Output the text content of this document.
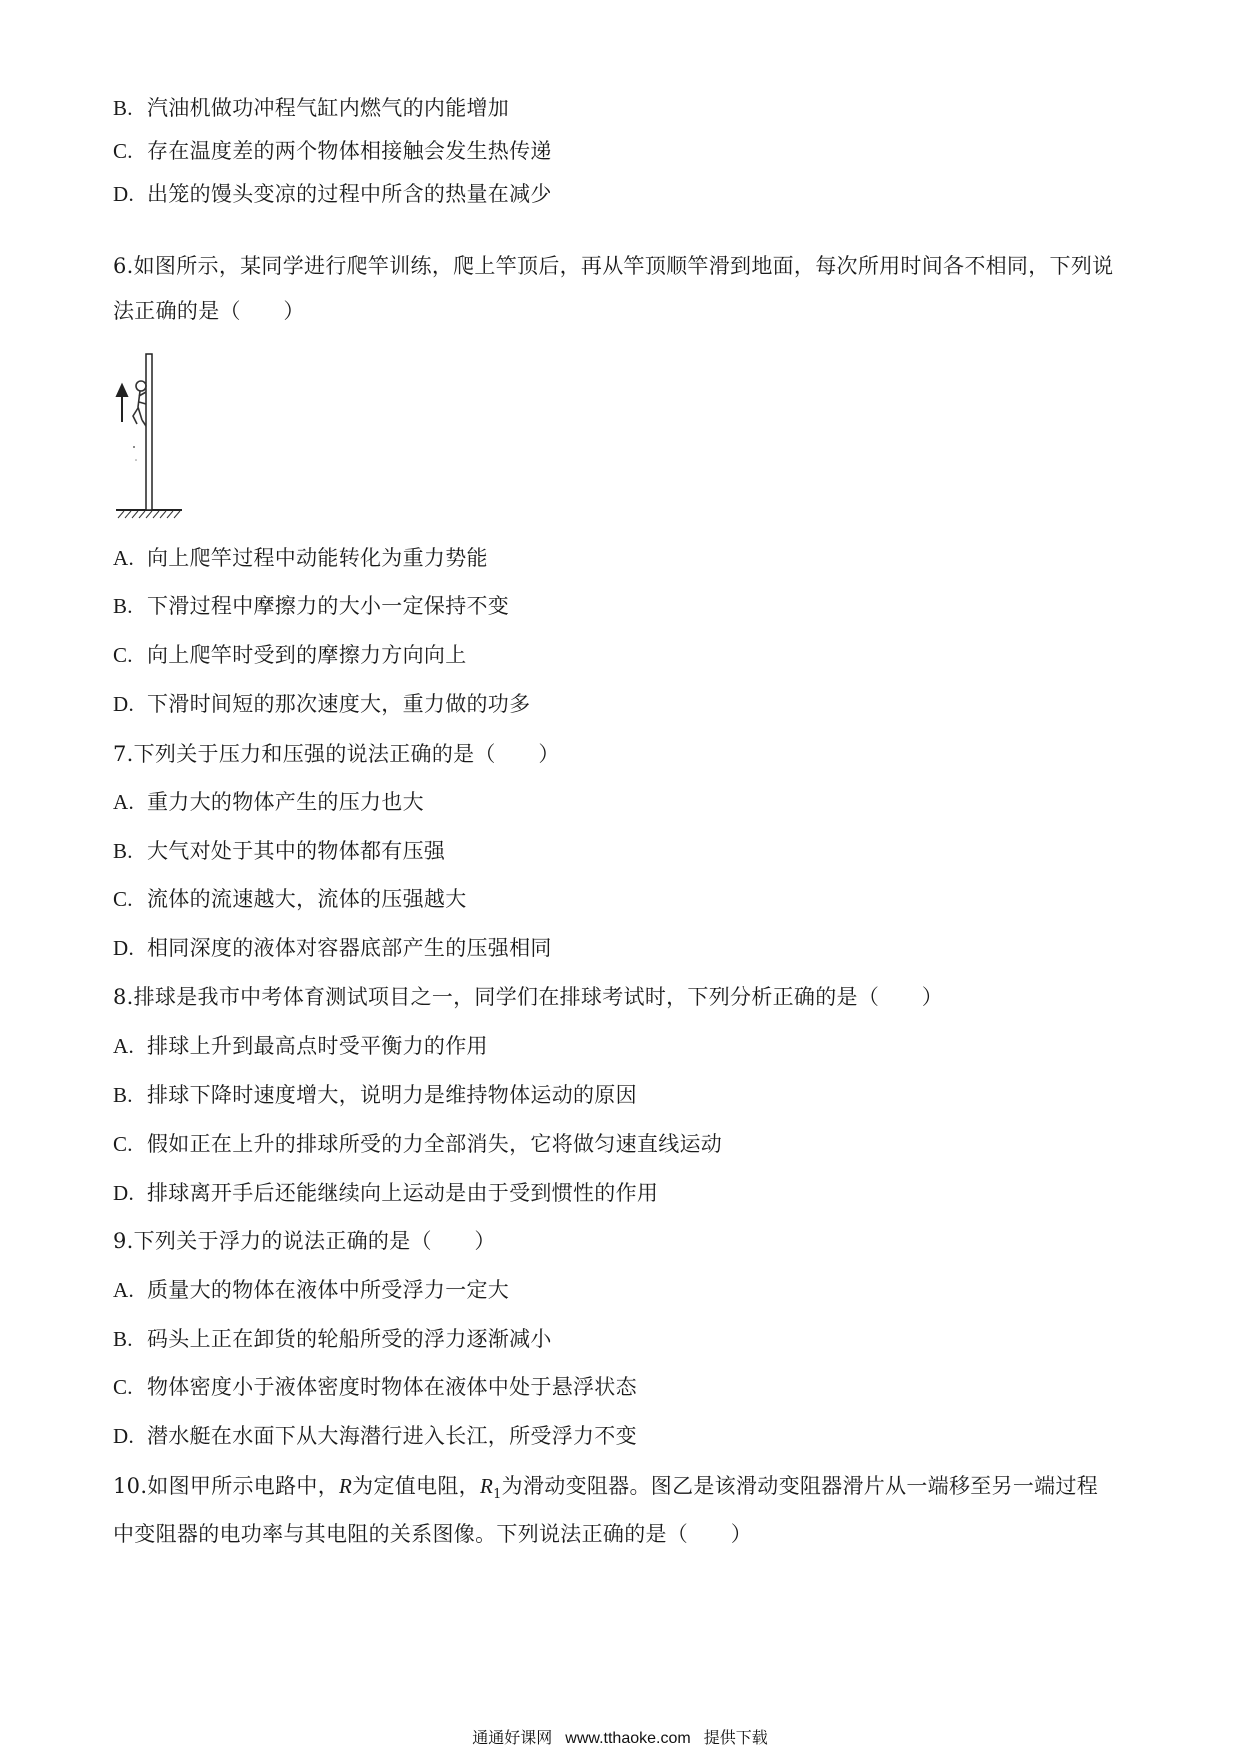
B. 汽油机做功冲程气缸内燃气的内能增加
C. 存在温度差的两个物体相接触会发生热传递
D. 出笼的馒头变凉的过程中所含的热量在减少
6.如图所示，某同学进行爬竿训练，爬上竿顶后，再从竿顶顺竿滑到地面，每次所用时间各不相同，下列说
法正确的是（　　）
A. 向上爬竿过程中动能转化为重力势能
B. 下滑过程中摩擦力的大小一定保持不变
C. 向上爬竿时受到的摩擦力方向向上
D. 下滑时间短的那次速度大，重力做的功多
7.下列关于压力和压强的说法正确的是（　　）
A. 重力大的物体产生的压力也大
B. 大气对处于其中的物体都有压强
C. 流体的流速越大，流体的压强越大
D. 相同深度的液体对容器底部产生的压强相同
8.排球是我市中考体育测试项目之一，同学们在排球考试时，下列分析正确的是（　　）
A. 排球上升到最高点时受平衡力的作用
B. 排球下降时速度增大，说明力是维持物体运动的原因
C. 假如正在上升的排球所受的力全部消失，它将做匀速直线运动
D. 排球离开手后还能继续向上运动是由于受到惯性的作用
9.下列关于浮力的说法正确的是（　　）
A. 质量大的物体在液体中所受浮力一定大
B. 码头上正在卸货的轮船所受的浮力逐渐减小
C. 物体密度小于液体密度时物体在液体中处于悬浮状态
D. 潜水艇在水面下从大海潜行进入长江，所受浮力不变
10.如图甲所示电路中，R为定值电阻，$R_1$为滑动变阻器。图乙是该滑动变阻器滑片从一端移至另一端过程
中变阻器的电功率与其电阻的关系图像。下列说法正确的是（　　）
通通好课网 www.tthaoke.com 提供下载
